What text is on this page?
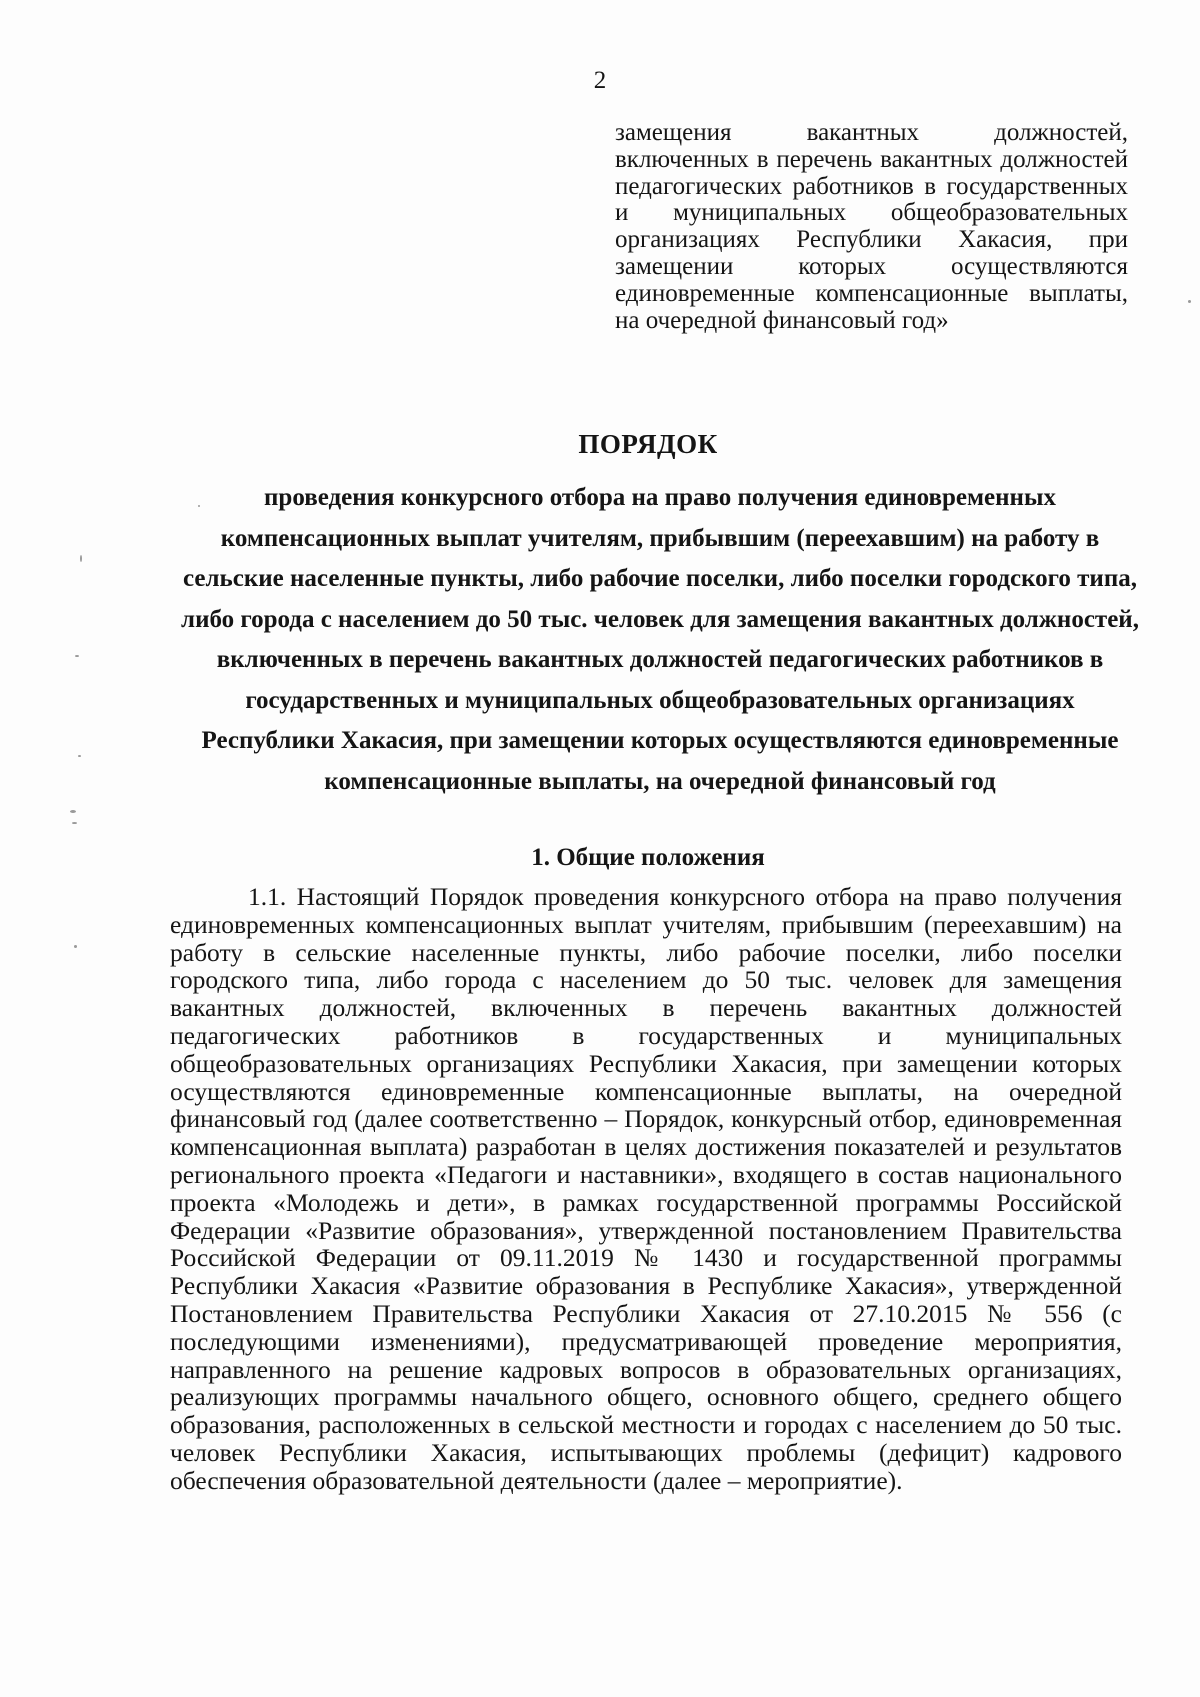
2
замещения вакантных должностей, включенных в перечень вакантных должностей педагогических работников в государственных и муниципальных общеобразовательных организациях Республики Хакасия, при замещении которых осуществляются единовременные компенсационные выплаты, на очередной финансовый год»
ПОРЯДОК
проведения конкурсного отбора на право получения единовременных компенсационных выплат учителям, прибывшим (переехавшим) на работу в сельские населенные пункты, либо рабочие поселки, либо поселки городского типа, либо города с населением до 50 тыс. человек для замещения вакантных должностей, включенных в перечень вакантных должностей педагогических работников в государственных и муниципальных общеобразовательных организациях Республики Хакасия, при замещении которых осуществляются единовременные компенсационные выплаты, на очередной финансовый год
1. Общие положения
1.1. Настоящий Порядок проведения конкурсного отбора на право получения единовременных компенсационных выплат учителям, прибывшим (переехавшим) на работу в сельские населенные пункты, либо рабочие поселки, либо поселки городского типа, либо города с населением до 50 тыс. человек для замещения вакантных должностей, включенных в перечень вакантных должностей педагогических работников в государственных и муниципальных общеобразовательных организациях Республики Хакасия, при замещении которых осуществляются единовременные компенсационные выплаты, на очередной финансовый год (далее соответственно – Порядок, конкурсный отбор, единовременная компенсационная выплата) разработан в целях достижения показателей и результатов регионального проекта «Педагоги и наставники», входящего в состав национального проекта «Молодежь и дети», в рамках государственной программы Российской Федерации «Развитие образования», утвержденной постановлением Правительства Российской Федерации от 09.11.2019 № 1430 и государственной программы Республики Хакасия «Развитие образования в Республике Хакасия», утвержденной Постановлением Правительства Республики Хакасия от 27.10.2015 № 556 (с последующими изменениями), предусматривающей проведение мероприятия, направленного на решение кадровых вопросов в образовательных организациях, реализующих программы начального общего, основного общего, среднего общего образования, расположенных в сельской местности и городах с населением до 50 тыс. человек Республики Хакасия, испытывающих проблемы (дефицит) кадрового обеспечения образовательной деятельности (далее – мероприятие).
